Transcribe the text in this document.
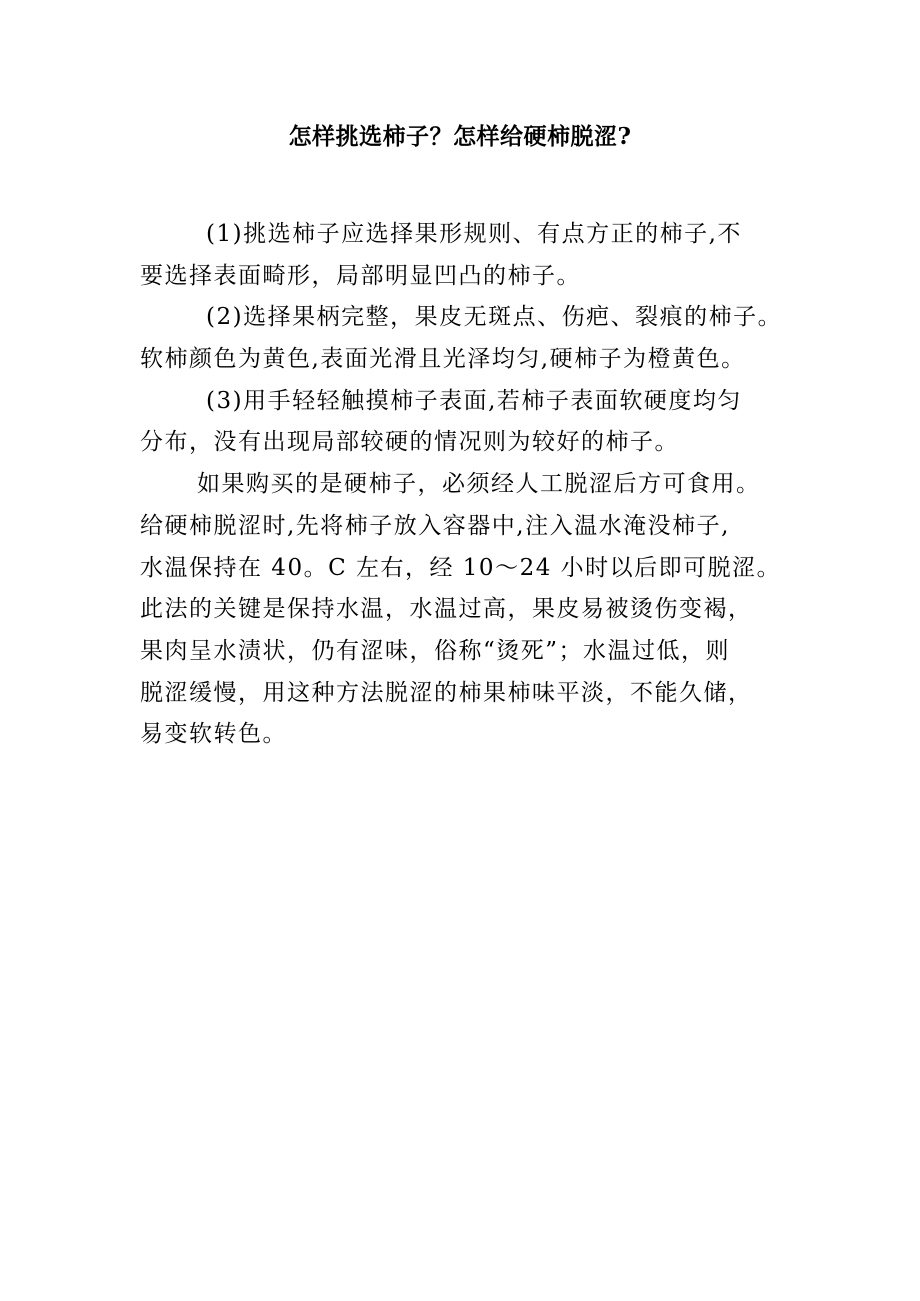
怎样挑选柿子？怎样给硬柿脱涩?
(1)挑选柿子应选择果形规则、有点方正的柿子,不
要选择表面畸形，局部明显凹凸的柿子。
(2)选择果柄完整，果皮无斑点、伤疤、裂痕的柿子。
软柿颜色为黄色,表面光滑且光泽均匀,硬柿子为橙黄色。
(3)用手轻轻触摸柿子表面,若柿子表面软硬度均匀
分布，没有出现局部较硬的情况则为较好的柿子。
如果购买的是硬柿子，必须经人工脱涩后方可食用。
给硬柿脱涩时,先将柿子放入容器中,注入温水淹没柿子,
水温保持在 40。C 左右，经 10～24 小时以后即可脱涩。
此法的关键是保持水温，水温过高，果皮易被烫伤变褐，
果肉呈水渍状，仍有涩味，俗称“烫死”；水温过低，则
脱涩缓慢，用这种方法脱涩的柿果柿味平淡，不能久储，
易变软转色。
